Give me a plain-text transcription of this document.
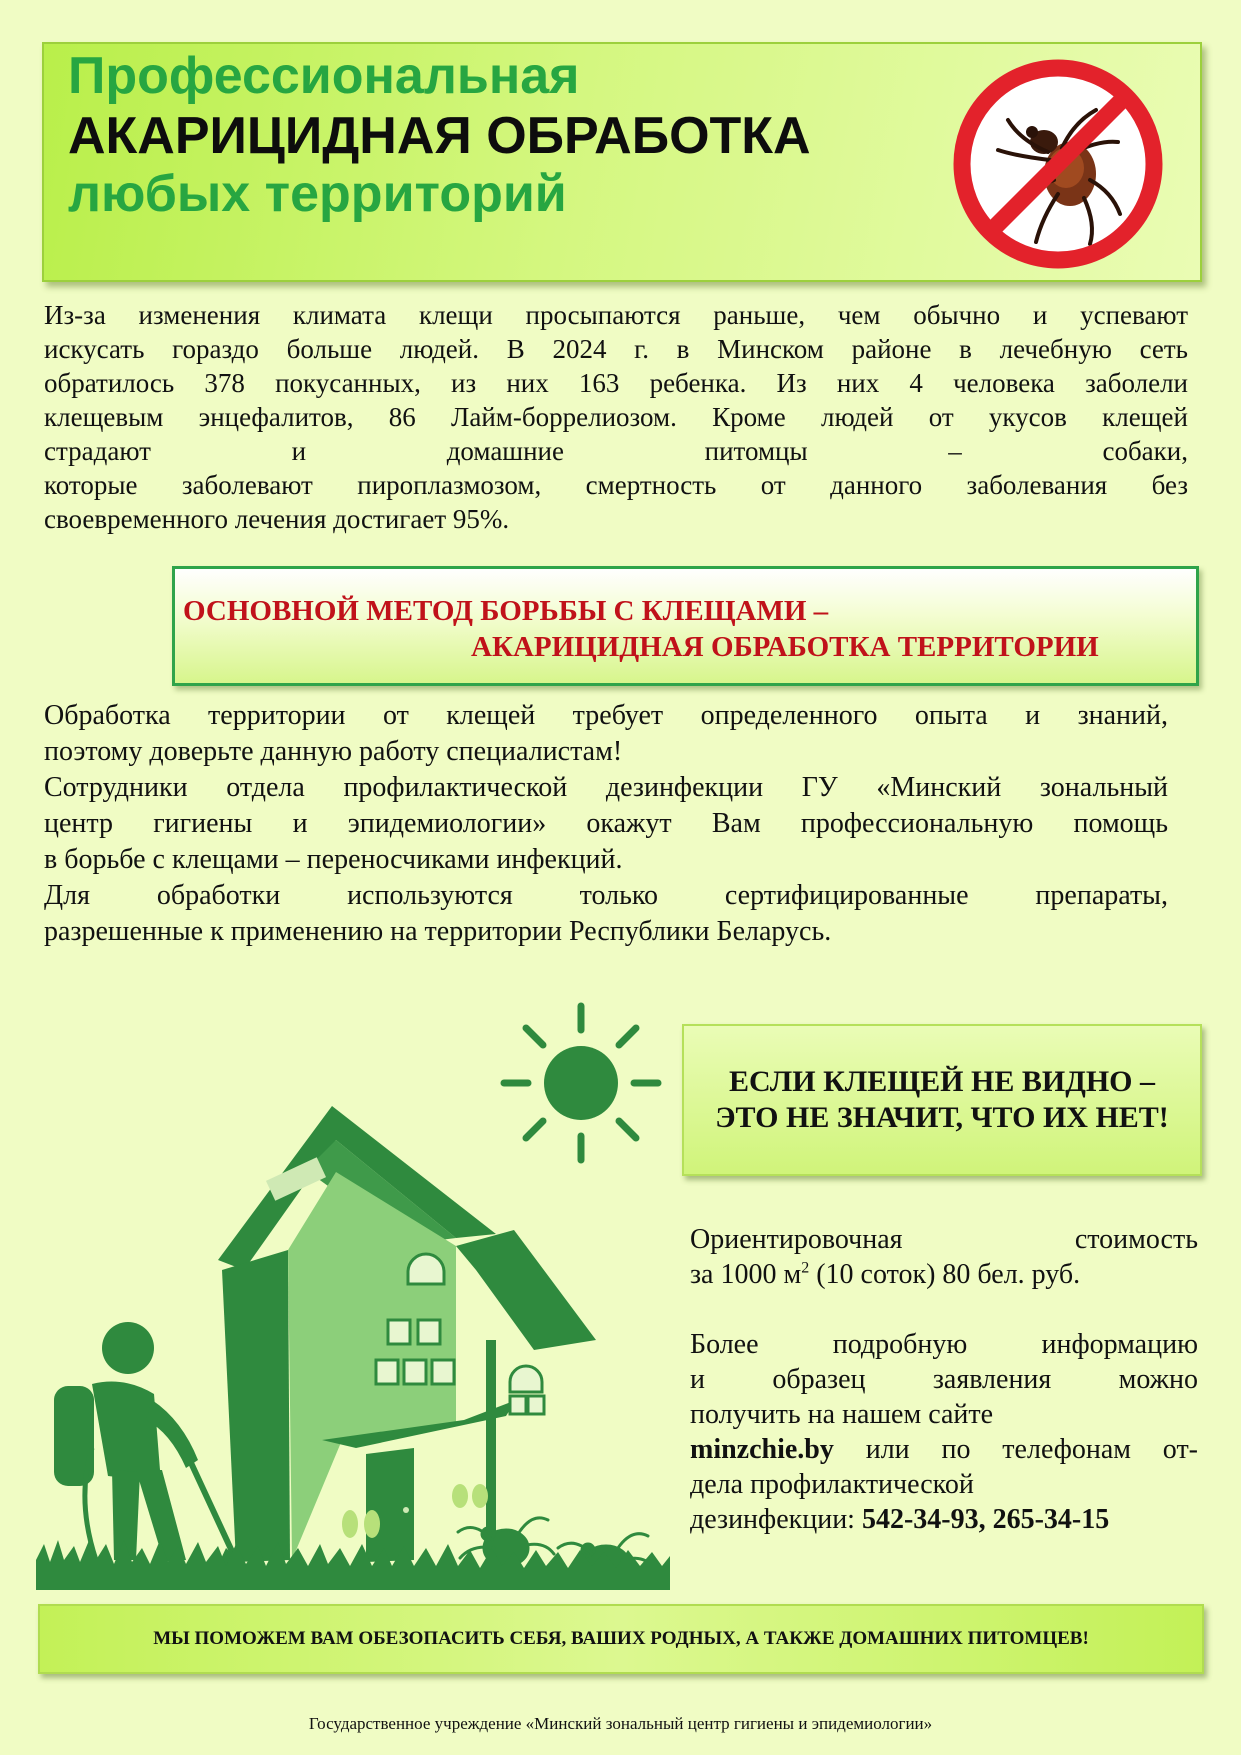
Профессиональная
АКАРИЦИДНАЯ ОБРАБОТКА
любых территорий
Из-за изменения климата клещи просыпаются раньше, чем обычно и успевают
искусать гораздо больше людей. В 2024 г. в Минском районе в лечебную сеть
обратилось 378 покусанных, из них 163 ребенка. Из них 4 человека заболели
клещевым энцефалитов, 86 Лайм-боррелиозом. Кроме людей от укусов клещей
страдают и домашние питомцы – собаки,
которые заболевают пироплазмозом, смертность от данного заболевания без
своевременного лечения достигает 95%.
ОСНОВНОЙ МЕТОД БОРЬБЫ С КЛЕЩАМИ –
АКАРИЦИДНАЯ ОБРАБОТКА ТЕРРИТОРИИ
Обработка территории от клещей требует определенного опыта и знаний,
поэтому доверьте данную работу специалистам!
Сотрудники отдела профилактической дезинфекции ГУ «Минский зональный
центр гигиены и эпидемиологии» окажут Вам профессиональную помощь
в борьбе с клещами – переносчиками инфекций.
Для обработки используются только сертифицированные препараты,
разрешенные к применению на территории Республики Беларусь.
ЕСЛИ КЛЕЩЕЙ НЕ ВИДНО –
ЭТО НЕ ЗНАЧИТ, ЧТО ИХ НЕТ!
Ориентировочная стоимость
за 1000 $м^2$ (10 соток) 80 бел. руб.
Более подробную информацию
и образец заявления можно
получить на нашем сайте
minzchie.by или по телефонам от-
дела профилактической
дезинфекции: 542-34-93, 265-34-15
МЫ ПОМОЖЕМ ВАМ ОБЕЗОПАСИТЬ СЕБЯ, ВАШИХ РОДНЫХ, А ТАКЖЕ ДОМАШНИХ ПИТОМЦЕВ!
Государственное учреждение «Минский зональный центр гигиены и эпидемиологии»
